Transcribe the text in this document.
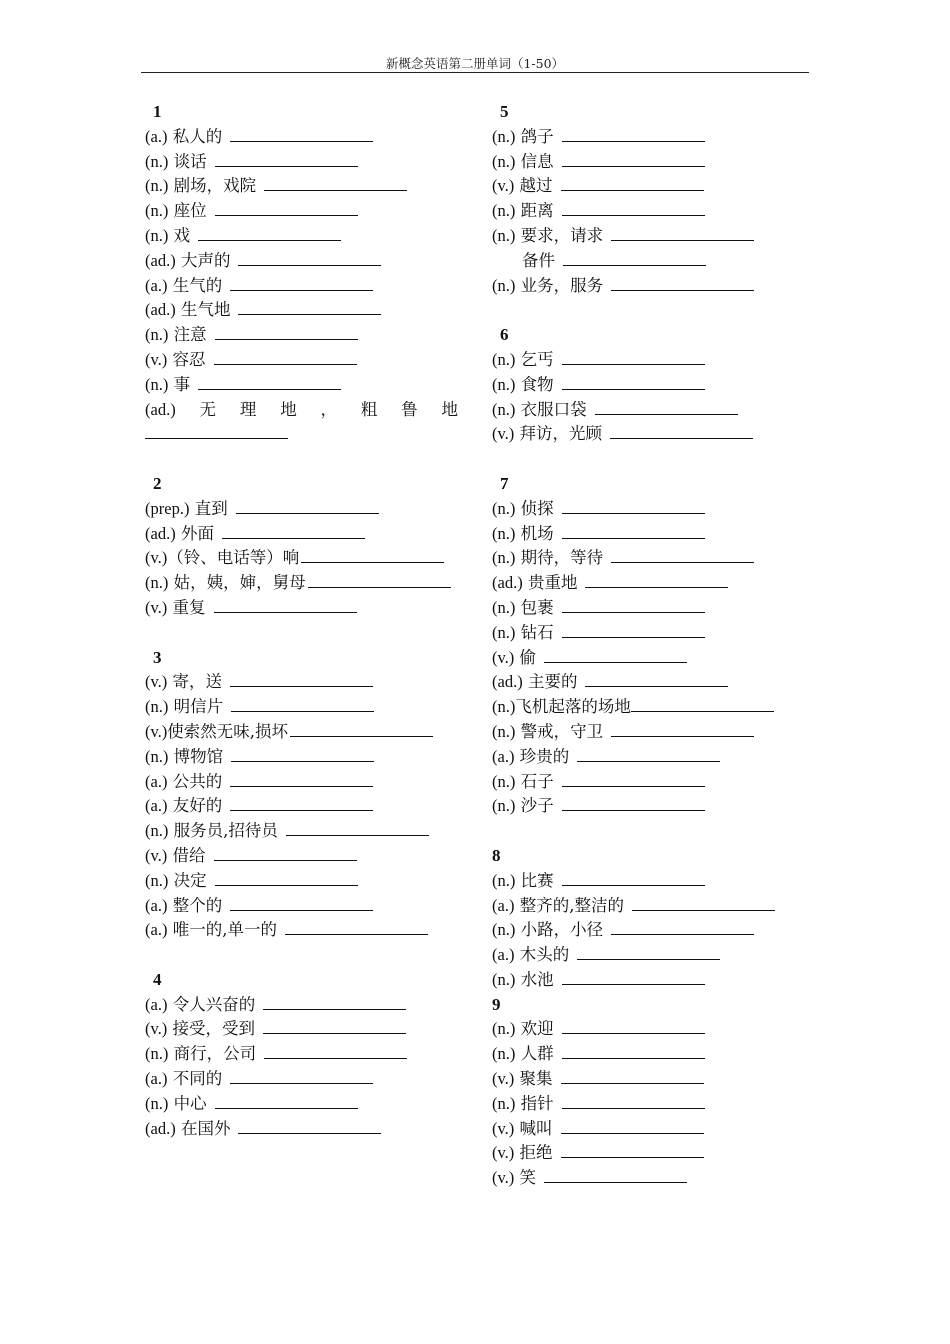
新概念英语第二册单词（1-50）
1
(a.) 私人的
(n.) 谈话
(n.) 剧场，戏院
(n.) 座位
(n.) 戏
(ad.) 大声的
(a.) 生气的
(ad.) 生气地
(n.) 注意
(v.) 容忍
(n.) 事
(ad.) 无 理 地 ， 粗 鲁 地
2
(prep.) 直到
(ad.) 外面
(v.)（铃、电话等）响
(n.) 姑，姨，婶，舅母
(v.) 重复
3
(v.) 寄，送
(n.) 明信片
(v.)使索然无味,损坏
(n.) 博物馆
(a.) 公共的
(a.) 友好的
(n.) 服务员,招待员
(v.) 借给
(n.) 决定
(a.) 整个的
(a.) 唯一的,单一的
4
(a.) 令人兴奋的
(v.) 接受，受到
(n.) 商行，公司
(a.) 不同的
(n.) 中心
(ad.) 在国外
5
(n.) 鸽子
(n.) 信息
(v.) 越过
(n.) 距离
(n.) 要求，请求
备件
(n.) 业务，服务
6
(n.) 乞丐
(n.) 食物
(n.) 衣服口袋
(v.) 拜访，光顾
7
(n.) 侦探
(n.) 机场
(n.) 期待，等待
(ad.) 贵重地
(n.) 包裹
(n.) 钻石
(v.) 偷
(ad.) 主要的
(n.)飞机起落的场地
(n.) 警戒，守卫
(a.) 珍贵的
(n.) 石子
(n.) 沙子
8
(n.) 比赛
(a.) 整齐的,整洁的
(n.) 小路，小径
(a.) 木头的
(n.) 水池
9
(n.) 欢迎
(n.) 人群
(v.) 聚集
(n.) 指针
(v.) 喊叫
(v.) 拒绝
(v.) 笑
